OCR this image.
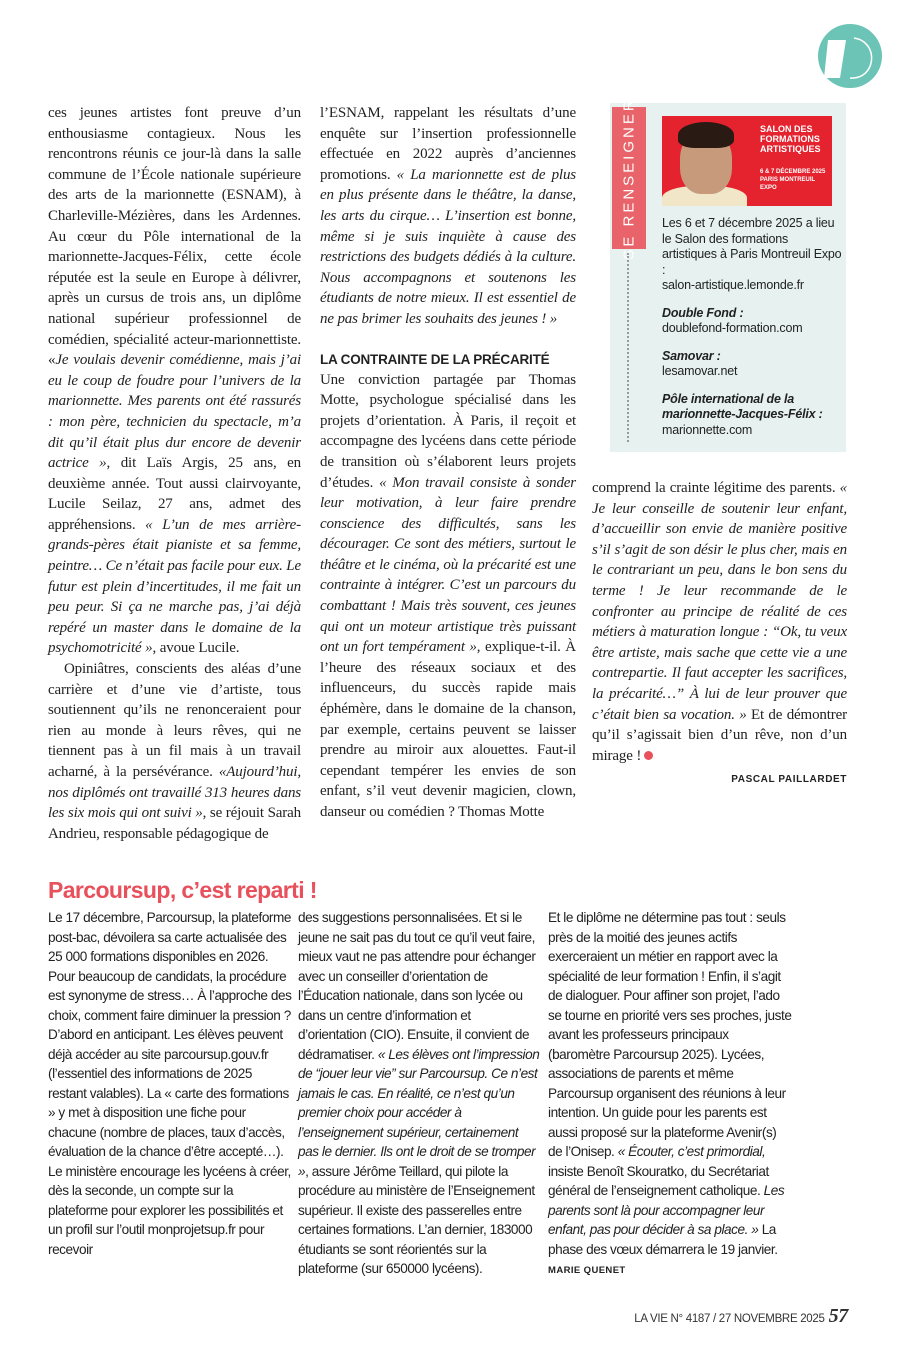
ces jeunes artistes font preuve d’un enthousiasme contagieux. Nous les rencontrons réunis ce jour-là dans la salle commune de l’École nationale supérieure des arts de la marionnette (ESNAM), à Charleville-Mézières, dans les Ardennes. Au cœur du Pôle international de la marionnette-Jacques-Félix, cette école réputée est la seule en Europe à délivrer, après un cursus de trois ans, un diplôme national supérieur professionnel de comédien, spécialité acteur-marionnettiste. «Je voulais devenir comédienne, mais j’ai eu le coup de foudre pour l’univers de la marionnette. Mes parents ont été rassurés : mon père, technicien du spectacle, m’a dit qu’il était plus dur encore de devenir actrice », dit Laïs Argis, 25 ans, en deuxième année. Tout aussi clairvoyante, Lucile Seilaz, 27 ans, admet des appréhensions. « L’un de mes arrière-grands-pères était pianiste et sa femme, peintre… Ce n’était pas facile pour eux. Le futur est plein d’incertitudes, il me fait un peu peur. Si ça ne marche pas, j’ai déjà repéré un master dans le domaine de la psychomotricité », avoue Lucile.

Opiniâtres, conscients des aléas d’une carrière et d’une vie d’artiste, tous soutiennent qu’ils ne renonceraient pour rien au monde à leurs rêves, qui ne tiennent pas à un fil mais à un travail acharné, à la persévérance. «Aujourd’hui, nos diplômés ont travaillé 313 heures dans les six mois qui ont suivi », se réjouit Sarah Andrieu, responsable pédagogique de

l’ESNAM, rappelant les résultats d’une enquête sur l’insertion professionnelle effectuée en 2022 auprès d’anciennes promotions. « La marionnette est de plus en plus présente dans le théâtre, la danse, les arts du cirque… L’insertion est bonne, même si je suis inquiète à cause des restrictions des budgets dédiés à la culture. Nous accompagnons et soutenons les étudiants de notre mieux. Il est essentiel de ne pas brimer les souhaits des jeunes ! »

LA CONTRAINTE DE LA PRÉCARITÉ

Une conviction partagée par Thomas Motte, psychologue spécialisé dans les projets d’orientation. À Paris, il reçoit et accompagne des lycéens dans cette période de transition où s’élaborent leurs projets d’études. « Mon travail consiste à sonder leur motivation, à leur faire prendre conscience des difficultés, sans les décourager. Ce sont des métiers, surtout le théâtre et le cinéma, où la précarité est une contrainte à intégrer. C’est un parcours du combattant ! Mais très souvent, ces jeunes qui ont un moteur artistique très puissant ont un fort tempérament », explique-t-il. À l’heure des réseaux sociaux et des influenceurs, du succès rapide mais éphémère, dans le domaine de la chanson, par exemple, certains peuvent se laisser prendre au miroir aux alouettes. Faut-il cependant tempérer les envies de son enfant, s’il veut devenir magicien, clown, danseur ou comédien ? Thomas Motte

SE RENSEIGNER	SALON DES FORMATIONS ARTISTIQUES
6 & 7 DÉCEMBRE 2025
PARIS MONTREUIL EXPO

Les 6 et 7 décembre 2025 a lieu le Salon des formations artistiques à Paris Montreuil Expo :
salon-artistique.lemonde.fr

Double Fond :
doublefond-formation.com

Samovar :
lesamovar.net

Pôle international de la marionnette-Jacques-Félix :
marionnette.com

comprend la crainte légitime des parents. « Je leur conseille de soutenir leur enfant, d’accueillir son envie de manière positive s’il s’agit de son désir le plus cher, mais en le contrariant un peu, dans le bon sens du terme ! Je leur recommande de le confronter au principe de réalité de ces métiers à maturation longue : “Ok, tu veux être artiste, mais sache que cette vie a une contrepartie. Il faut accepter les sacrifices, la précarité…” À lui de leur prouver que c’était bien sa vocation. » Et de démontrer qu’il s’agissait bien d’un rêve, non d’un mirage !

PASCAL PAILLARDET
Parcoursup, c’est reparti !
Le 17 décembre, Parcoursup, la plateforme post-bac, dévoilera sa carte actualisée des 25 000 formations disponibles en 2026. Pour beaucoup de candidats, la procédure est synonyme de stress… À l’approche des choix, comment faire diminuer la pression ? D’abord en anticipant. Les élèves peuvent déjà accéder au site parcoursup.gouv.fr (l’essentiel des informations de 2025 restant valables). La « carte des formations » y met à disposition une fiche pour chacune (nombre de places, taux d’accès, évaluation de la chance d’être accepté…). Le ministère encourage les lycéens à créer, dès la seconde, un compte sur la plateforme pour explorer les possibilités et un profil sur l’outil monprojetsup.fr pour recevoir
des suggestions personnalisées. Et si le jeune ne sait pas du tout ce qu’il veut faire, mieux vaut ne pas attendre pour échanger avec un conseiller d’orientation de l’Éducation nationale, dans son lycée ou dans un centre d’information et d’orientation (CIO). Ensuite, il convient de dédramatiser. « Les élèves ont l’impression de “jouer leur vie” sur Parcoursup. Ce n’est jamais le cas. En réalité, ce n’est qu’un premier choix pour accéder à l’enseignement supérieur, certainement pas le dernier. Ils ont le droit de se tromper », assure Jérôme Teillard, qui pilote la procédure au ministère de l’Enseignement supérieur. Il existe des passerelles entre certaines formations. L’an dernier, 183000 étudiants se sont réorientés sur la plateforme (sur 650000 lycéens).
Et le diplôme ne détermine pas tout : seuls près de la moitié des jeunes actifs exerceraient un métier en rapport avec la spécialité de leur formation ! Enfin, il s’agit de dialoguer. Pour affiner son projet, l’ado se tourne en priorité vers ses proches, juste avant les professeurs principaux (baromètre Parcoursup 2025). Lycées, associations de parents et même Parcoursup organisent des réunions à leur intention. Un guide pour les parents est aussi proposé sur la plateforme Avenir(s) de l’Onisep. « Écouter, c’est primordial, insiste Benoît Skouratko, du Secrétariat général de l’enseignement catholique. Les parents sont là pour accompagner leur enfant, pas pour décider à sa place. » La phase des vœux démarrera le 19 janvier. MARIE QUENET
LA VIE N° 4187 / 27 NOVEMBRE 2025 57
